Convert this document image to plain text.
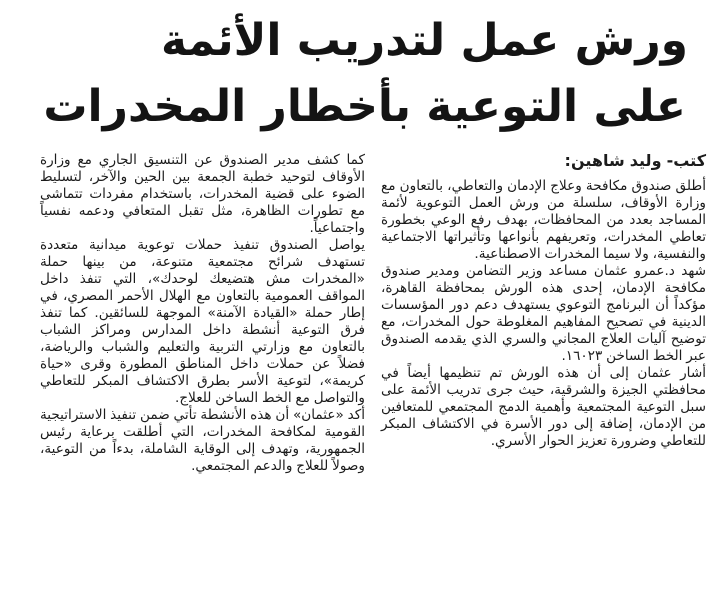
ورش عمل لتدريب الأئمة
على التوعية بأخطار المخدرات
كتب- وليد شاهين:

أطلق صندوق مكافحة وعلاج الإدمان والتعاطي، بالتعاون مع وزارة الأوقاف، سلسلة من ورش العمل التوعوية لأئمة المساجد بعدد من المحافظات، بهدف رفع الوعي بخطورة تعاطي المخدرات، وتعريفهم بأنواعها وتأثيراتها الاجتماعية والنفسية، ولا سيما المخدرات الاصطناعية.

شهد د.عمرو عثمان مساعد وزير التضامن ومدير صندوق مكافحة الإدمان، إحدى هذه الورش بمحافظة القاهرة، مؤكداً أن البرنامج التوعوي يستهدف دعم دور المؤسسات الدينية في تصحيح المفاهيم المغلوطة حول المخدرات، مع توضيح آليات العلاج المجاني والسري الذي يقدمه الصندوق عبر الخط الساخن ١٦٠٢٣.

أشار عثمان إلى أن هذه الورش تم تنظيمها أيضاً في محافظتي الجيزة والشرقية، حيث جرى تدريب الأئمة على سبل التوعية المجتمعية وأهمية الدمج المجتمعي للمتعافين من الإدمان، إضافة إلى دور الأسرة في الاكتشاف المبكر للتعاطي وضرورة تعزيز الحوار الأسري.

كما كشف مدير الصندوق عن التنسيق الجاري مع وزارة الأوقاف لتوحيد خطبة الجمعة بين الحين والآخر، لتسليط الضوء على قضية المخدرات، باستخدام مفردات تتماشى مع تطورات الظاهرة، مثل تقبل المتعافي ودعمه نفسياً واجتماعياً.

يواصل الصندوق تنفيذ حملات توعوية ميدانية متعددة تستهدف شرائح مجتمعية متنوعة، من بينها حملة «المخدرات مش هتضيعك لوحدك»، التي تنفذ داخل المواقف العمومية بالتعاون مع الهلال الأحمر المصري، في إطار حملة «القيادة الآمنة» الموجهة للسائقين. كما تنفذ فرق التوعية أنشطة داخل المدارس ومراكز الشباب بالتعاون مع وزارتي التربية والتعليم والشباب والرياضة، فضلاً عن حملات داخل المناطق المطورة وقرى «حياة كريمة»، لتوعية الأسر بطرق الاكتشاف المبكر للتعاطي والتواصل مع الخط الساخن للعلاج.

أكد «عثمان» أن هذه الأنشطة تأتي ضمن تنفيذ الاستراتيجية القومية لمكافحة المخدرات، التي أطلقت برعاية رئيس الجمهورية، وتهدف إلى الوقاية الشاملة، بدءاً من التوعية، وصولاً للعلاج والدعم المجتمعي.
